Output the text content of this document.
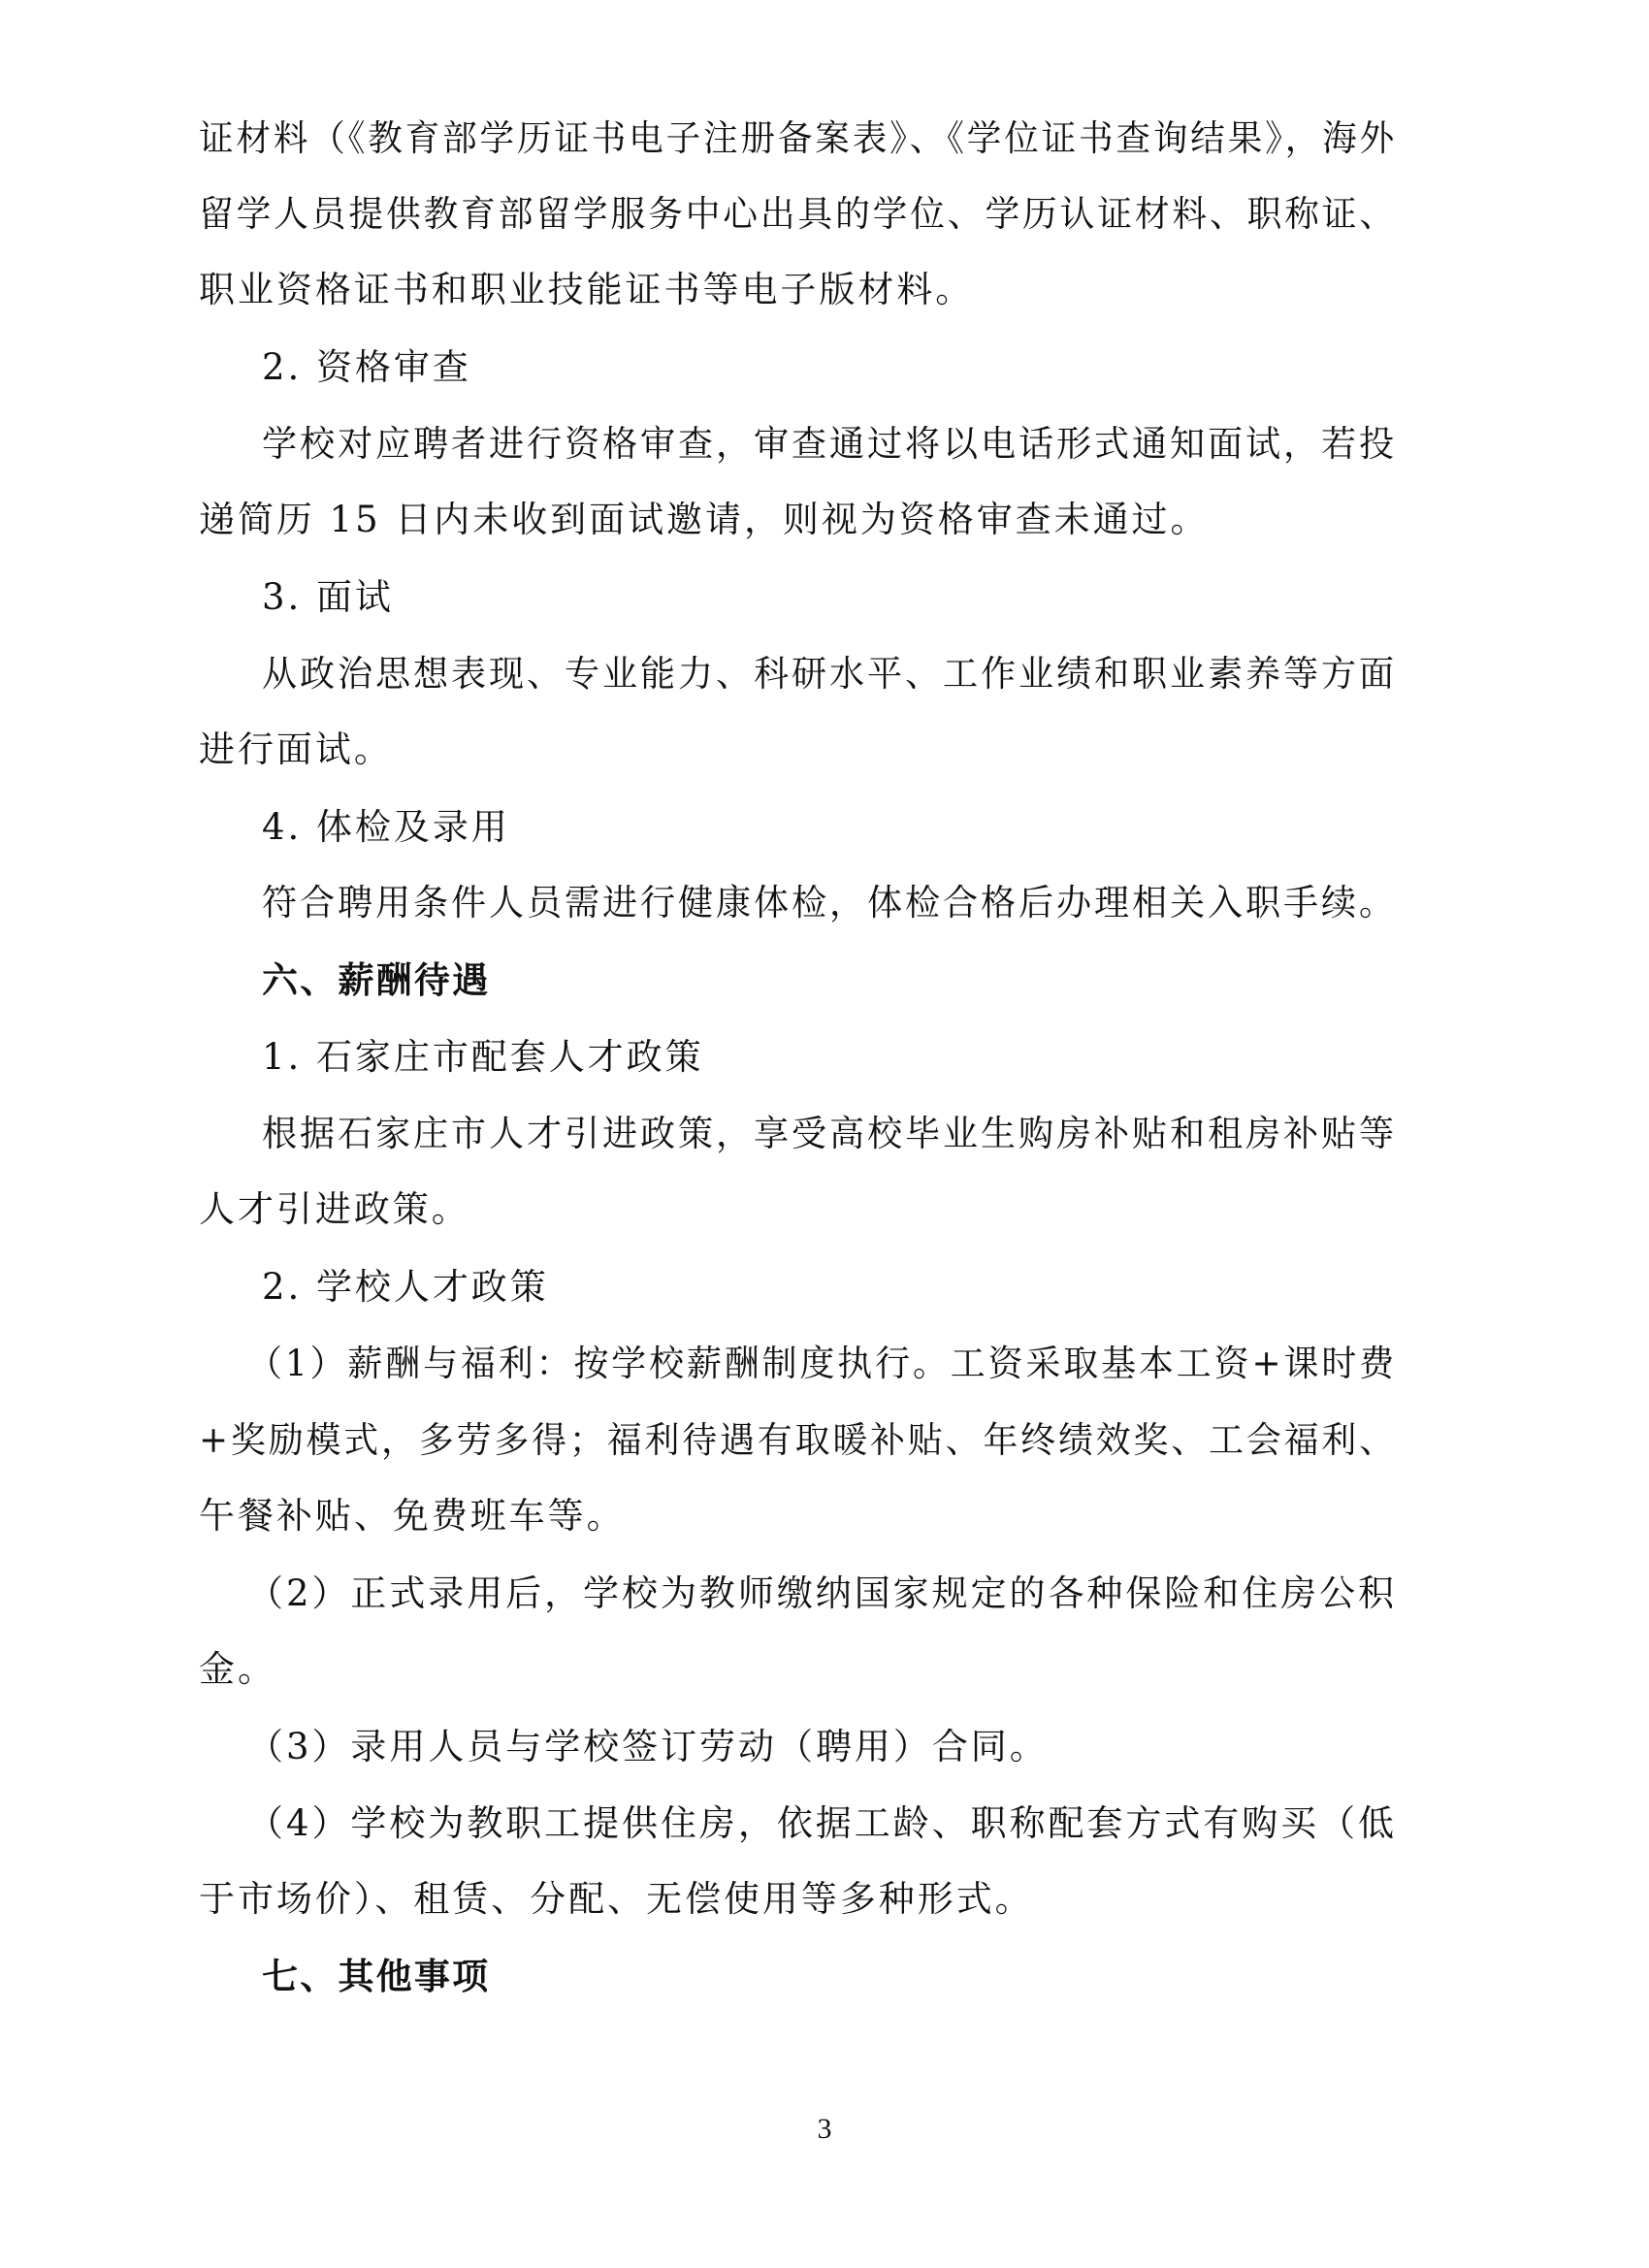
证材料（《教育部学历证书电子注册备案表》、《学位证书查询结果》，海外
留学人员提供教育部留学服务中心出具的学位、学历认证材料、职称证、
职业资格证书和职业技能证书等电子版材料。
2. 资格审查
学校对应聘者进行资格审查，审查通过将以电话形式通知面试，若投
递简历 15 日内未收到面试邀请，则视为资格审查未通过。
3. 面试
从政治思想表现、专业能力、科研水平、工作业绩和职业素养等方面
进行面试。
4. 体检及录用
符合聘用条件人员需进行健康体检，体检合格后办理相关入职手续。
六、薪酬待遇
1. 石家庄市配套人才政策
根据石家庄市人才引进政策，享受高校毕业生购房补贴和租房补贴等
人才引进政策。
2. 学校人才政策
（1）薪酬与福利：按学校薪酬制度执行。工资采取基本工资+课时费
+奖励模式，多劳多得；福利待遇有取暖补贴、年终绩效奖、工会福利、
午餐补贴、免费班车等。
（2）正式录用后，学校为教师缴纳国家规定的各种保险和住房公积
金。
（3）录用人员与学校签订劳动（聘用）合同。
（4）学校为教职工提供住房，依据工龄、职称配套方式有购买（低
于市场价）、租赁、分配、无偿使用等多种形式。
七、其他事项
3
